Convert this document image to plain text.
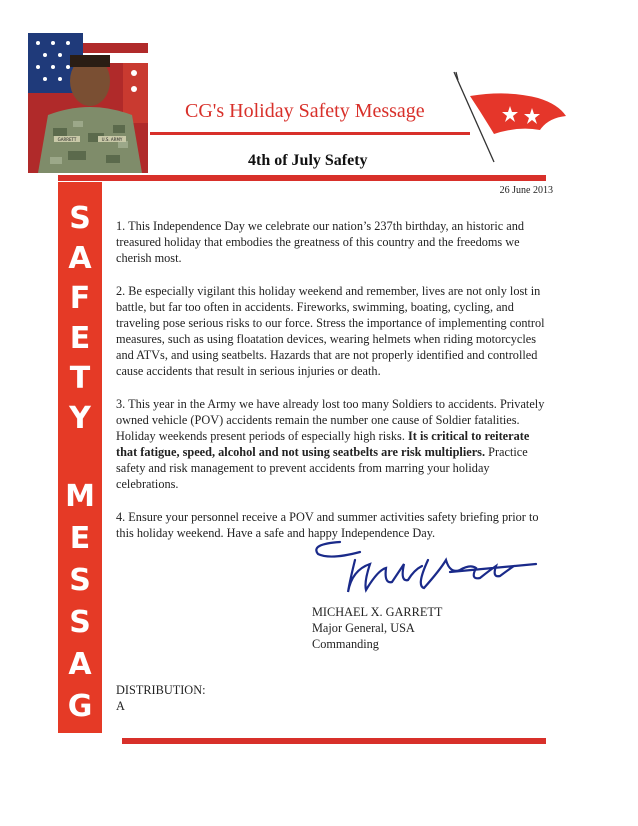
GARRETT	U.S. ARMY
CG's Holiday Safety Message
4th of July Safety
S
A
F
E
T
Y
M
E
S
S
A
G
E
26 June 2013

1. This Independence Day we celebrate our nation’s 237th birthday, an historic and treasured holiday that embodies the greatness of this country and the freedoms we cherish most.

2. Be especially vigilant this holiday weekend and remember, lives are not only lost in battle, but far too often in accidents. Fireworks, swimming, boating, cycling, and traveling pose serious risks to our force. Stress the importance of implementing control measures, such as using floatation devices, wearing helmets when riding motorcycles and ATVs, and using seatbelts. Hazards that are not properly identified and controlled cause accidents that result in serious injuries or death.

3. This year in the Army we have already lost too many Soldiers to accidents. Privately owned vehicle (POV) accidents remain the number one cause of Soldier fatalities. Holiday weekends present periods of especially high risks. It is critical to reiterate that fatigue, speed, alcohol and not using seatbelts are risk multipliers. Practice safety and risk management to prevent accidents from marring your holiday celebrations.

4. Ensure your personnel receive a POV and summer activities safety briefing prior to this holiday weekend. Have a safe and happy Independence Day.

MICHAEL X. GARRETT
Major General, USA
Commanding
DISTRIBUTION:
A
